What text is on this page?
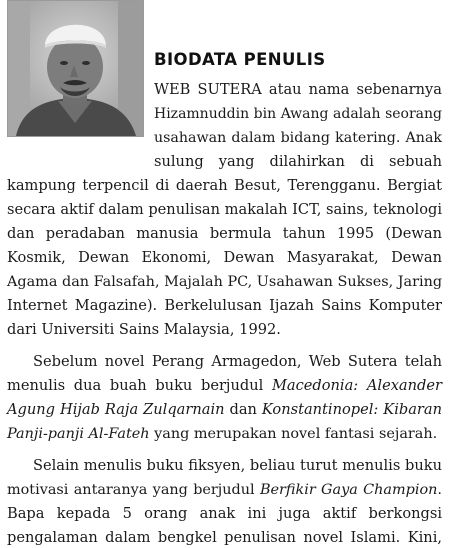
BIODATA PENULIS
WEB SUTERA atau nama sebenarnya
Hizamnuddin bin Awang adalah seorang
usahawan dalam bidang katering. Anak
sulung yang dilahirkan di sebuah
kampung terpencil di daerah Besut, Terengganu. Bergiat
secara aktif dalam penulisan makalah ICT, sains, teknologi
dan peradaban manusia bermula tahun 1995 (Dewan
Kosmik, Dewan Ekonomi, Dewan Masyarakat, Dewan
Agama dan Falsafah, Majalah PC, Usahawan Sukses, Jaring
Internet Magazine). Berkelulusan Ijazah Sains Komputer
dari Universiti Sains Malaysia, 1992.
Sebelum novel Perang Armagedon, Web Sutera telah
menulis dua buah buku berjudul Macedonia: Alexander
Agung Hijab Raja Zulqarnain dan Konstantinopel: Kibaran
Panji-panji Al-Fateh yang merupakan novel fantasi sejarah.
Selain menulis buku fiksyen, beliau turut menulis buku
motivasi antaranya yang berjudul Berfikir Gaya Champion.
Bapa kepada 5 orang anak ini juga aktif berkongsi
pengalaman dalam bengkel penulisan novel Islami. Kini,
